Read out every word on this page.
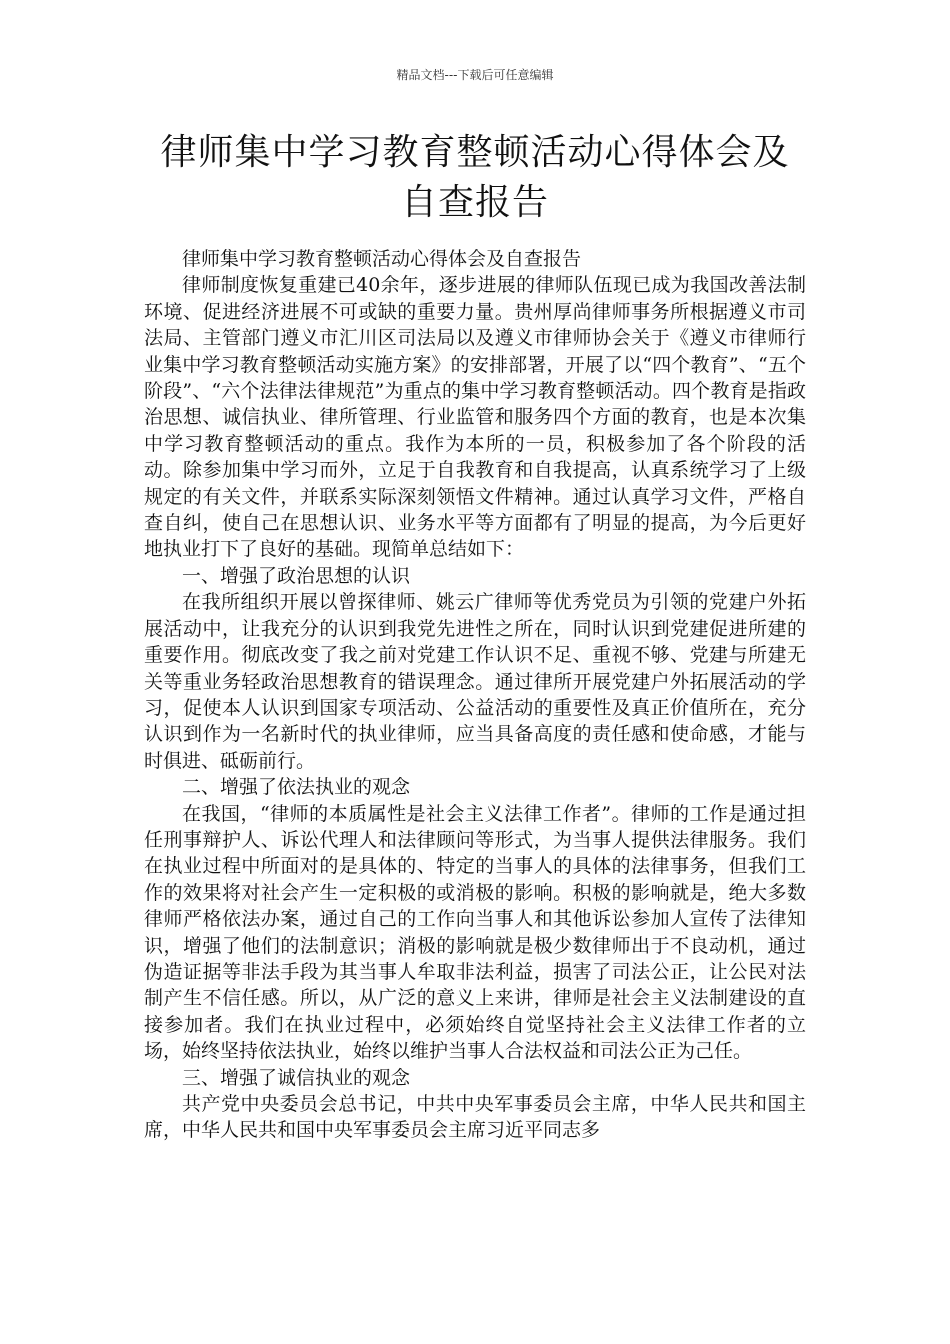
精品文档---下载后可任意编辑
律师集中学习教育整顿活动心得体会及自查报告

律师集中学习教育整顿活动心得体会及自查报告

律师制度恢复重建已40余年，逐步进展的律师队伍现已成为我国改善法制环境、促进经济进展不可或缺的重要力量。贵州厚尚律师事务所根据遵义市司法局、主管部门遵义市汇川区司法局以及遵义市律师协会关于《遵义市律师行业集中学习教育整顿活动实施方案》的安排部署，开展了以“四个教育”、“五个阶段”、“六个法律法律规范”为重点的集中学习教育整顿活动。四个教育是指政治思想、诚信执业、律所管理、行业监管和服务四个方面的教育，也是本次集中学习教育整顿活动的重点。我作为本所的一员，积极参加了各个阶段的活动。除参加集中学习而外，立足于自我教育和自我提高，认真系统学习了上级规定的有关文件，并联系实际深刻领悟文件精神。通过认真学习文件，严格自查自纠，使自己在思想认识、业务水平等方面都有了明显的提高，为今后更好地执业打下了良好的基础。现简单总结如下：

一、增强了政治思想的认识

在我所组织开展以曾探律师、姚云广律师等优秀党员为引领的党建户外拓展活动中，让我充分的认识到我党先进性之所在，同时认识到党建促进所建的重要作用。彻底改变了我之前对党建工作认识不足、重视不够、党建与所建无关等重业务轻政治思想教育的错误理念。通过律所开展党建户外拓展活动的学习，促使本人认识到国家专项活动、公益活动的重要性及真正价值所在，充分认识到作为一名新时代的执业律师，应当具备高度的责任感和使命感，才能与时俱进、砥砺前行。

二、增强了依法执业的观念

在我国，“律师的本质属性是社会主义法律工作者”。律师的工作是通过担任刑事辩护人、诉讼代理人和法律顾问等形式，为当事人提供法律服务。我们在执业过程中所面对的是具体的、特定的当事人的具体的法律事务，但我们工作的效果将对社会产生一定积极的或消极的影响。积极的影响就是，绝大多数律师严格依法办案，通过自己的工作向当事人和其他诉讼参加人宣传了法律知识，增强了他们的法制意识；消极的影响就是极少数律师出于不良动机，通过伪造证据等非法手段为其当事人牟取非法利益，损害了司法公正，让公民对法制产生不信任感。所以，从广泛的意义上来讲，律师是社会主义法制建设的直接参加者。我们在执业过程中，必须始终自觉坚持社会主义法律工作者的立场，始终坚持依法执业，始终以维护当事人合法权益和司法公正为己任。

三、增强了诚信执业的观念

共产党中央委员会总书记，中共中央军事委员会主席，中华人民共和国主席，中华人民共和国中央军事委员会主席习近平同志多
